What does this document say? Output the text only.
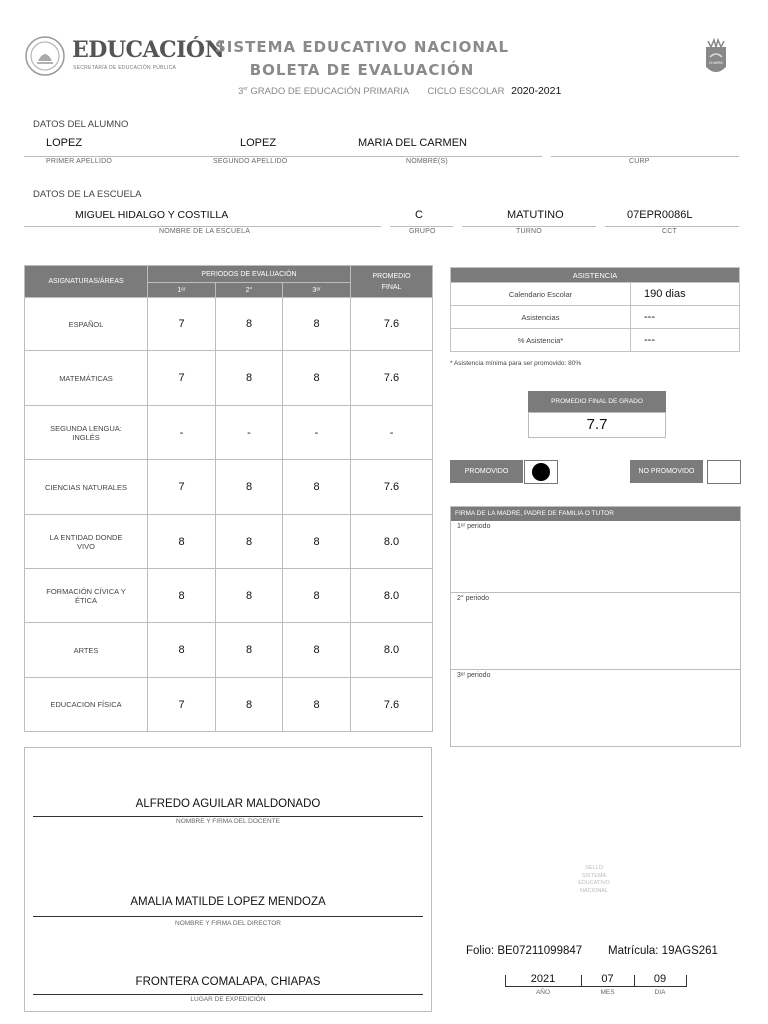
EDUCACIÓN
SECRETARÍA DE EDUCACIÓN PÚBLICA
SISTEMA EDUCATIVO NACIONAL
BOLETA DE EVALUACIÓN
3er GRADO DE EDUCACIÓN PRIMARIA CICLO ESCOLAR 2020-2021
CHIAPAS
DATOS DEL ALUMNO
LOPEZ	LOPEZ	MARIA DEL CARMEN
PRIMER APELLIDO	SEGUNDO APELLIDO	NOMBRE(S)	CURP
DATOS DE LA ESCUELA
MIGUEL HIDALGO Y COSTILLA	C	MATUTINO	07EPR0086L
NOMBRE DE LA ESCUELA	GRUPO	TURNO	CCT
ASIGNATURAS/ÁREAS	PERIODOS DE EVALUACIÓN			PROMEDIO FINAL
	1ᵉʳ	2°	3ᵉʳ	
ESPAÑOL	7	8	8	7.6
MATEMÁTICAS	7	8	8	7.6
SEGUNDA LENGUA: INGLÉS	-	-	-	-
CIENCIAS NATURALES	7	8	8	7.6
LA ENTIDAD DONDE VIVO	8	8	8	8.0
FORMACIÓN CÍVICA Y ÉTICA	8	8	8	8.0
ARTES	8	8	8	8.0
EDUCACION FÍSICA	7	8	8	7.6
ASISTENCIA	
Calendario Escolar	190 dias
Asistencias	---
% Asistencia*	---
* Asistencia mínima para ser promovido: 80%
PROMEDIO FINAL DE GRADO
7.7
PROMOVIDO	NO PROMOVIDO
FIRMA DE LA MADRE, PADRE DE FAMILIA O TUTOR
1ᵉʳ periodo
2° periodo
3ᵉʳ periodo
ALFREDO AGUILAR MALDONADO
NOMBRE Y FIRMA DEL DOCENTE
AMALIA MATILDE LOPEZ MENDOZA
NOMBRE Y FIRMA DEL DIRECTOR
FRONTERA COMALAPA, CHIAPAS
LUGAR DE EXPEDICIÓN
SELLO
SISTEMA
EDUCATIVO
NACIONAL
Folio: BE07211099847 Matrícula: 19AGS261
2021	07	09
AÑO	MES	DIA
